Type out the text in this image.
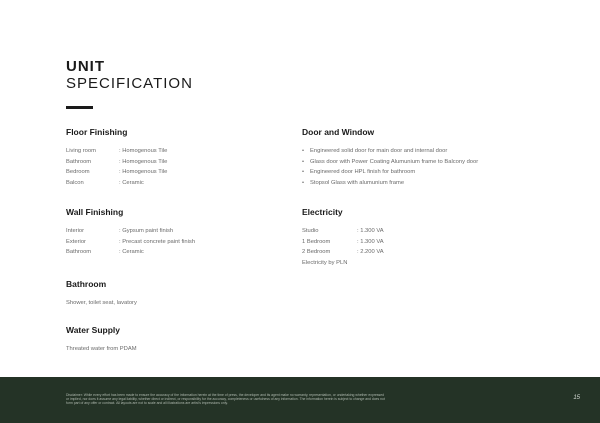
UNIT
SPECIFICATION
Floor Finishing
Living room	: Homogenous Tile
Bathroom	: Homogenous Tile
Bedroom	: Homogenous Tile
Balcon	: Ceramic
Wall Finishing
Interior	: Gypsum paint finish
Exterior	: Precast concrete paint finish
Bathroom	: Ceramic
Bathroom
Shower, toilet seat, lavatory
Water Supply
Threated water from PDAM
Door and Window
• Engineered solid door for main door and internal door
• Glass door with Power Coating Alumunium frame to Balcony door
• Engineered door HPL finish for bathroom
• Stopsol Glass with alumunium frame
Electricity
Studio	: 1.300 VA
1 Bedroom	: 1.300 VA
2 Bedroom	: 2.200 VA
Electricity by PLN
Disclaimer: While every effort has been made to ensure the accuracy of the information herein at the time of press, the developer and its agent make no warranty, representation, or undertaking whether expressed or implied, nor does it assume any legal liability, whether direct or indirect, or responsibility for the accuracy, completeness or usefulness of any information. The information herein is subject to change and does not form part of any offer or contract. All layouts are not to scale and all illustrations are artist's impressions only.
15
